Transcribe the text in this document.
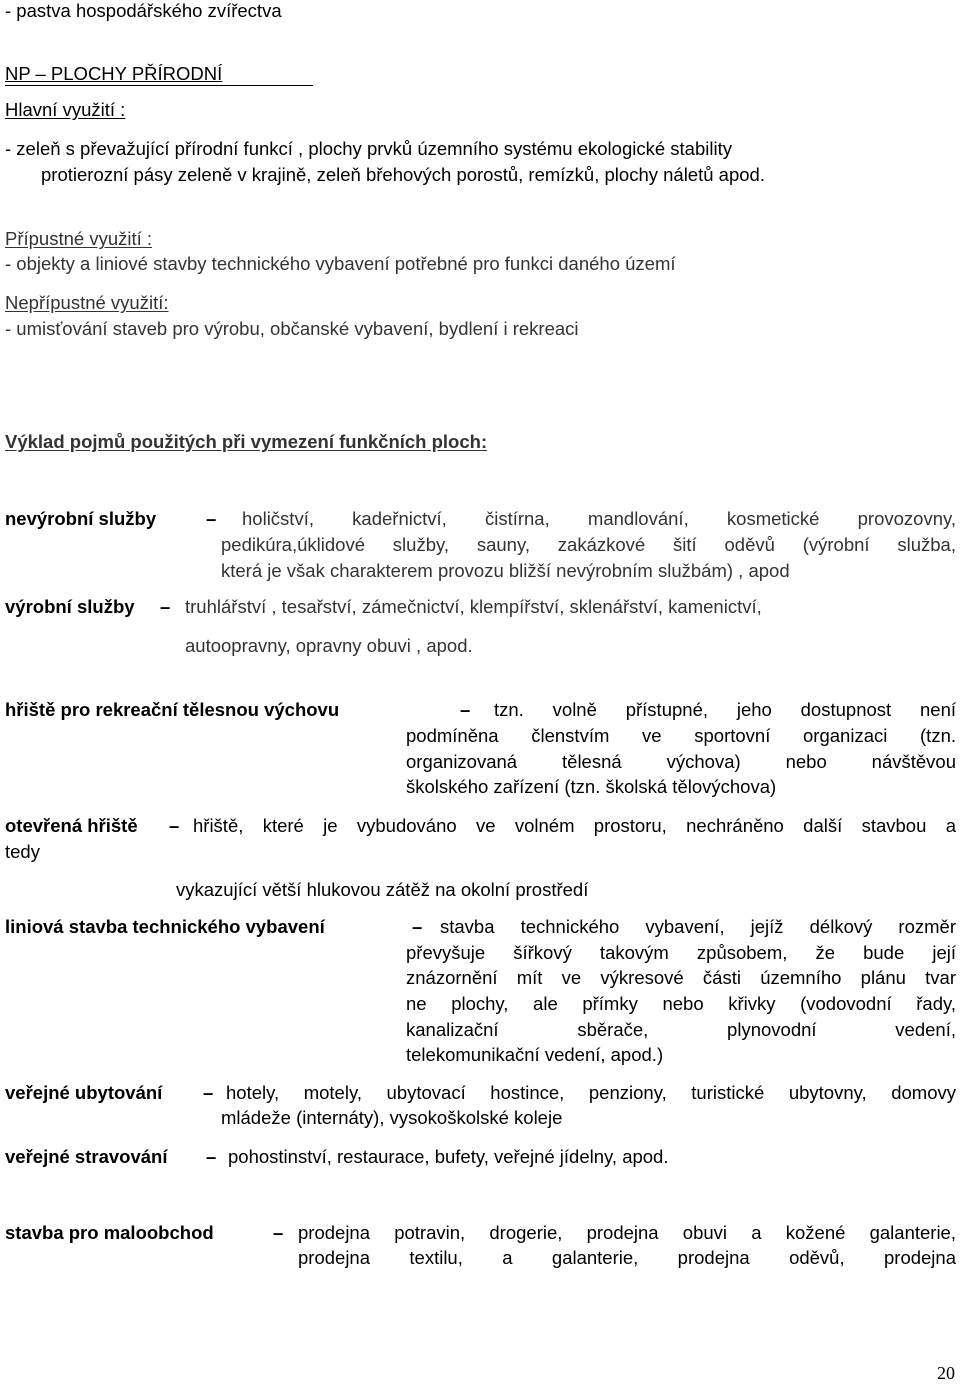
- pastva hospodářského zvířectva
NP – PLOCHY PŘÍRODNÍ
Hlavní využití :
- zeleň s převažující přírodní funkcí , plochy prvků územního systému ekologické stability
protierozní pásy zeleně v krajině, zeleň břehových porostů, remízků, plochy náletů apod.
Přípustné využití :
- objekty a liniové stavby technického vybavení potřebné pro funkci daného území
Nepřípustné využití:
- umisťování staveb pro výrobu, občanské vybavení, bydlení i rekreaci
Výklad pojmů použitých při vymezení funkčních ploch:
nevýrobní služby	– holičství, kadeřnictví, čistírna, mandlování, kosmetické provozovny,
pedikúra,úklidové služby, sauny, zakázkové šití oděvů (výrobní služba,
která je však charakterem provozu bližší nevýrobním službám) , apod
výrobní služby – truhlářství , tesařství, zámečnictví, klempířství, sklenářství, kamenictví,
autoopravny, opravny obuvi , apod.
hřiště pro rekreační tělesnou výchovu	– tzn. volně přístupné, jeho dostupnost není
podmíněna členstvím ve sportovní organizaci (tzn.
organizovaná tělesná výchova) nebo návštěvou
školského zařízení (tzn. školská tělovýchova)
otevřená hřiště – hřiště, které je vybudováno ve volném prostoru, nechráněno další stavbou a
tedy
vykazující větší hlukovou zátěž na okolní prostředí
liniová stavba technického vybavení	– stavba technického vybavení, jejíž délkový rozměr
převyšuje šířkový takovým způsobem, že bude její
znázornění mít ve výkresové části územního plánu tvar
ne plochy, ale přímky nebo křivky (vodovodní řady,
kanalizační sběrače, plynovodní vedení,
telekomunikační vedení, apod.)
veřejné ubytování – hotely, motely, ubytovací hostince, penziony, turistické ubytovny, domovy
mládeže (internáty), vysokoškolské koleje
veřejné stravování – pohostinství, restaurace, bufety, veřejné jídelny, apod.
stavba pro maloobchod	– prodejna potravin, drogerie, prodejna obuvi a kožené galanterie,
prodejna textilu, a galanterie, prodejna oděvů, prodejna
20
